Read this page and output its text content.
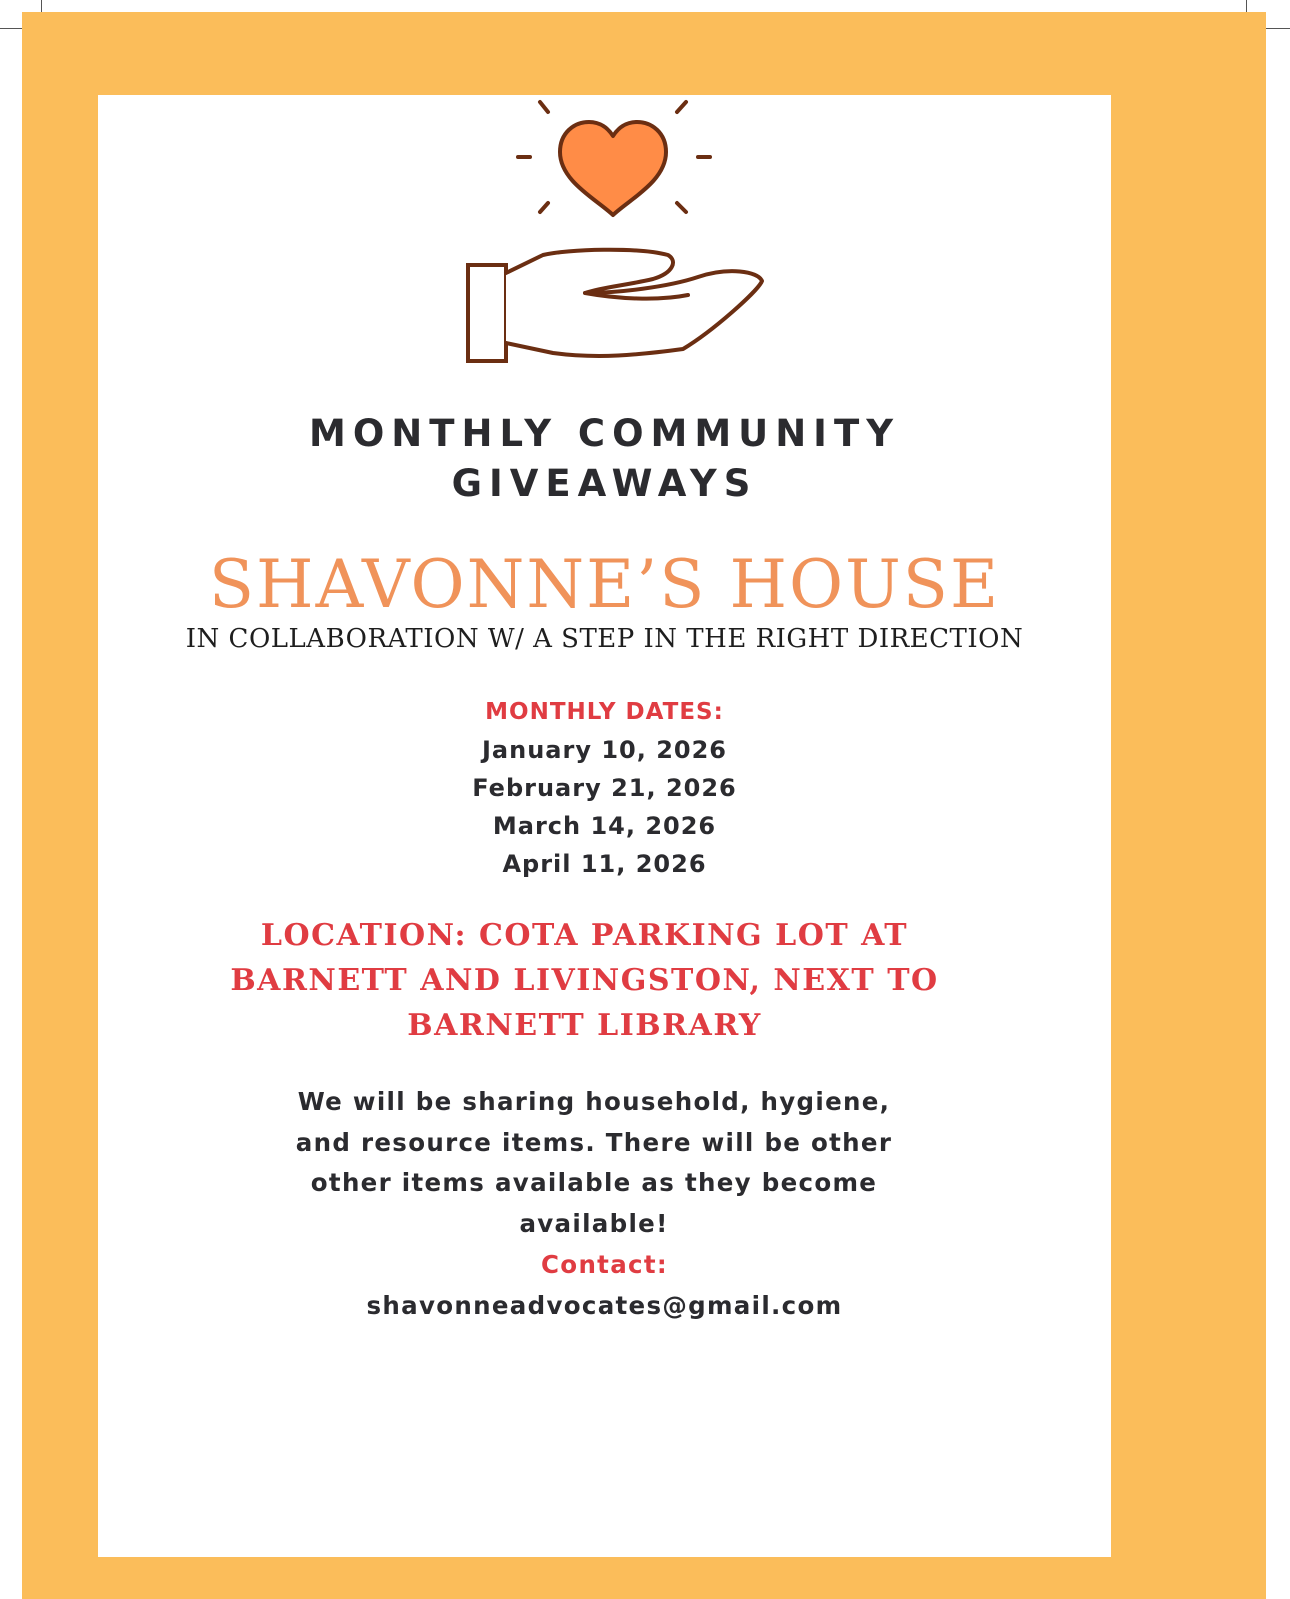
MONTHLY COMMUNITY
GIVEAWAYS
SHAVONNE’S HOUSE
IN COLLABORATION W/ A STEP IN THE RIGHT DIRECTION
MONTHLY DATES:
January 10, 2026
February 21, 2026
March 14, 2026
April 11, 2026
LOCATION: COTA PARKING LOT AT
BARNETT AND LIVINGSTON, NEXT TO
BARNETT LIBRARY
We will be sharing household, hygiene,
and resource items. There will be other
other items available as they become
available!
Contact:
shavonneadvocates@gmail.com
